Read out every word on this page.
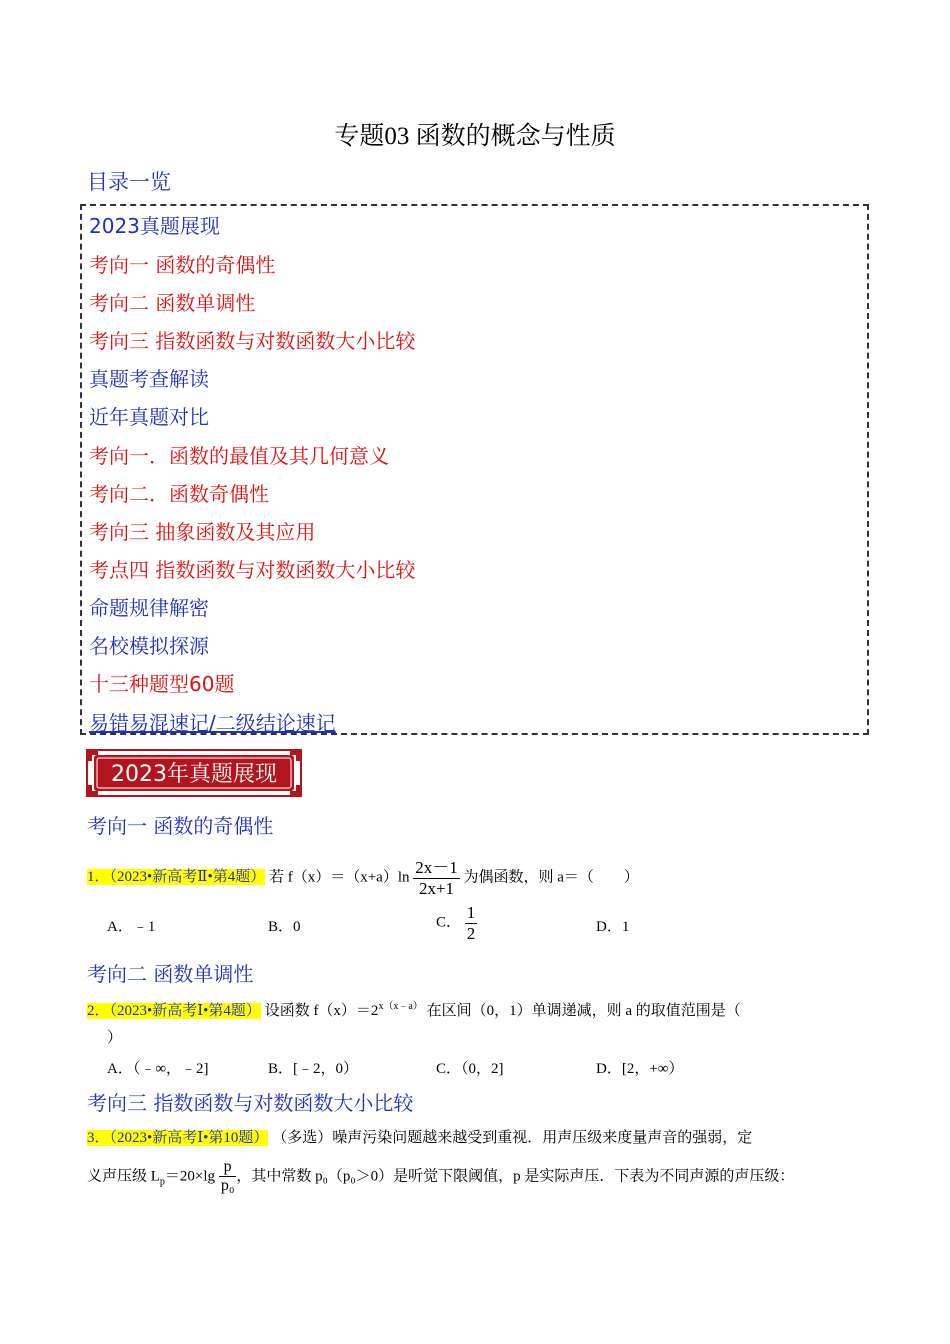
专题03 函数的概念与性质
目录一览
2023真题展现
考向一 函数的奇偶性
考向二 函数单调性
考向三 指数函数与对数函数大小比较
真题考查解读
近年真题对比
考向一．函数的最值及其几何意义
考向二．函数奇偶性
考向三 抽象函数及其应用
考点四 指数函数与对数函数大小比较
命题规律解密
名校模拟探源
十三种题型60题
易错易混速记/二级结论速记
2023年真题展现
考向一 函数的奇偶性
1．（2023•新高考Ⅱ•第4题） 若 $f(x)=(x+a)\ln \frac{2x-1}{2x+1}$ 为偶函数，则 a＝（　　）
A．﹣1	B．0	C． $\frac{1}{2}$	D．1
考向二 函数单调性
2．（2023•新高考Ⅰ•第4题） 设函数 $f(x)=2^{x(x﹣a)}$ 在区间（0，1）单调递减，则 a 的取值范围是（
）
A．（﹣∞，﹣2]	B．[﹣2，0）	C．（0，2]	D．[2，+∞）
考向三 指数函数与对数函数大小比较
3．（2023•新高考Ⅰ•第10题） （多选）噪声污染问题越来越受到重视．用声压级来度量声音的强弱，定
义声压级 $L_p=20\times\lg \frac{p}{\text{p₀}}$ ，其中常数 p₀（p₀＞0）是听觉下限阈值，p 是实际声压．下表为不同声源的声压级：
